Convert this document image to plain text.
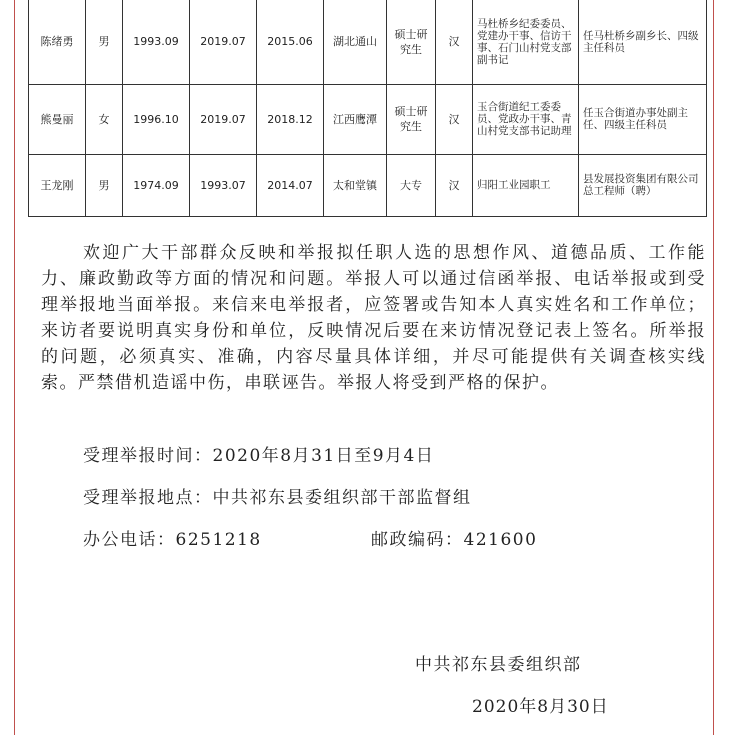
陈绪勇	男	1993.09	2019.07	2015.06	湖北通山	硕士研究生	汉	马杜桥乡纪委委员、党建办干事、信访干事、石门山村党支部副书记	任马杜桥乡副乡长、四级主任科员
熊曼丽	女	1996.10	2019.07	2018.12	江西鹰潭	硕士研究生	汉	玉合街道纪工委委员、党政办干事、青山村党支部书记助理	任玉合街道办事处副主任、四级主任科员
王龙刚	男	1974.09	1993.07	2014.07	太和堂镇	大专	汉	归阳工业园职工	县发展投资集团有限公司总工程师（聘）
欢迎广大干部群众反映和举报拟任职人选的思想作风、道德品质、工作能力、廉政勤政等方面的情况和问题。举报人可以通过信函举报、电话举报或到受理举报地当面举报。来信来电举报者，应签署或告知本人真实姓名和工作单位；来访者要说明真实身份和单位，反映情况后要在来访情况登记表上签名。所举报的问题，必须真实、准确，内容尽量具体详细，并尽可能提供有关调查核实线索。严禁借机造谣中伤，串联诬告。举报人将受到严格的保护。
受理举报时间：2020年8月31日至9月4日
受理举报地点：中共祁东县委组织部干部监督组
办公电话：6251218	邮政编码：421600
中共祁东县委组织部
2020年8月30日
